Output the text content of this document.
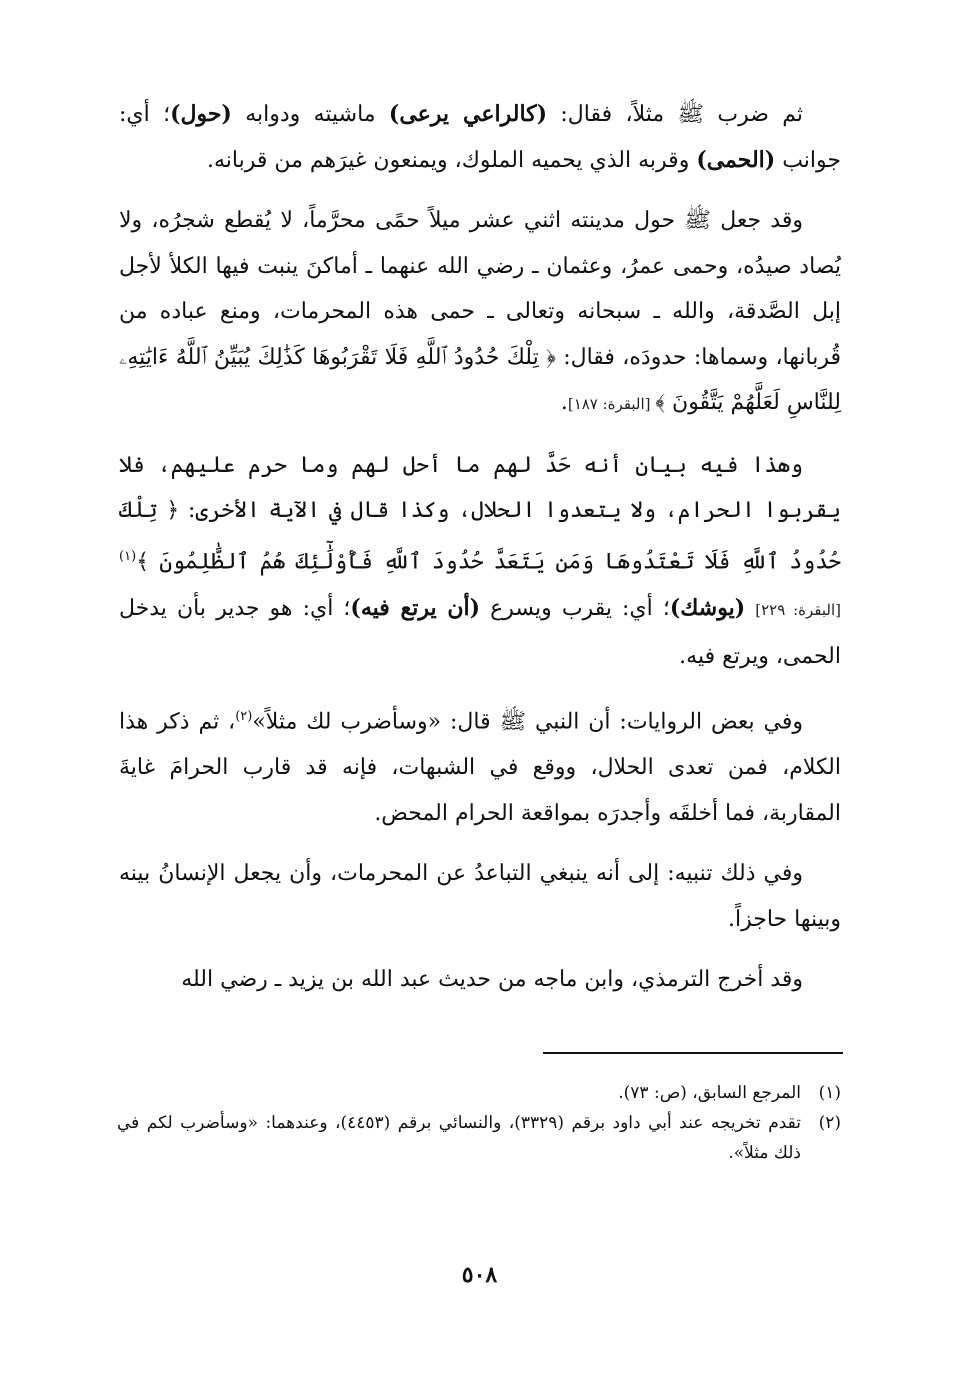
ثم ضرب ﷺ مثلاً، فقال: (كالراعي يرعى) ماشيته ودوابه (حول)؛ أي: جوانب (الحمى) وقربه الذي يحميه الملوك، ويمنعون غيرَهم من قربانه.

وقد جعل ﷺ حول مدينته اثني عشر ميلاً حمًى محرَّماً، لا يُقطع شجرُه، ولا يُصاد صيدُه، وحمى عمرُ، وعثمان ـ رضي الله عنهما ـ أماكنَ ينبت فيها الكلأ لأجل إبل الصَّدقة، والله ـ سبحانه وتعالى ـ حمى هذه المحرمات، ومنع عباده من قُربانها، وسماها: حدودَه، فقال: ﴿ تِلْكَ حُدُودُ ٱللَّهِ فَلَا تَقْرَبُوهَا كَذَٰلِكَ يُبَيِّنُ ٱللَّهُ ءَايَٰتِهِۦ لِلنَّاسِ لَعَلَّهُمْ يَتَّقُونَ ﴾ [البقرة: ١٨٧].

وهذا فيه بيان أنه حَدَّ لهم ما أحل لهم وما حرم عليهم، فلا يقربوا الحرام، ولا يتعدوا الحلال، وكذا قال في الآية الأخرى: ﴿ تِلْكَ حُدُودُ ٱللَّهِ فَلَا تَعْتَدُوهَا وَمَن يَتَعَدَّ حُدُودَ ٱللَّهِ فَأُوْلَٰٓئِكَ هُمُ ٱلظَّٰلِمُونَ ﴾$^{(١)}$ [البقرة: ٢٢٩] (يوشك)؛ أي: يقرب ويسرع (أن يرتع فيه)؛ أي: هو جدير بأن يدخل الحمى، ويرتع فيه.

وفي بعض الروايات: أن النبي ﷺ قال: «وسأضرب لك مثلاً»$^{(٢)}$، ثم ذكر هذا الكلام، فمن تعدى الحلال، ووقع في الشبهات، فإنه قد قارب الحرامَ غايةَ المقاربة، فما أخلقَه وأجدرَه بمواقعة الحرام المحض.

وفي ذلك تنبيه: إلى أنه ينبغي التباعدُ عن المحرمات، وأن يجعل الإنسانُ بينه وبينها حاجزاً.

وقد أخرج الترمذي، وابن ماجه من حديث عبد الله بن يزيد ـ رضي الله

(١)
المرجع السابق، (ص: ٧٣).
(٢)
تقدم تخريجه عند أبي داود برقم (٣٣٢٩)، والنسائي برقم (٤٤٥٣)، وعندهما: «وسأضرب لكم في ذلك مثلاً».
٥٠٨
